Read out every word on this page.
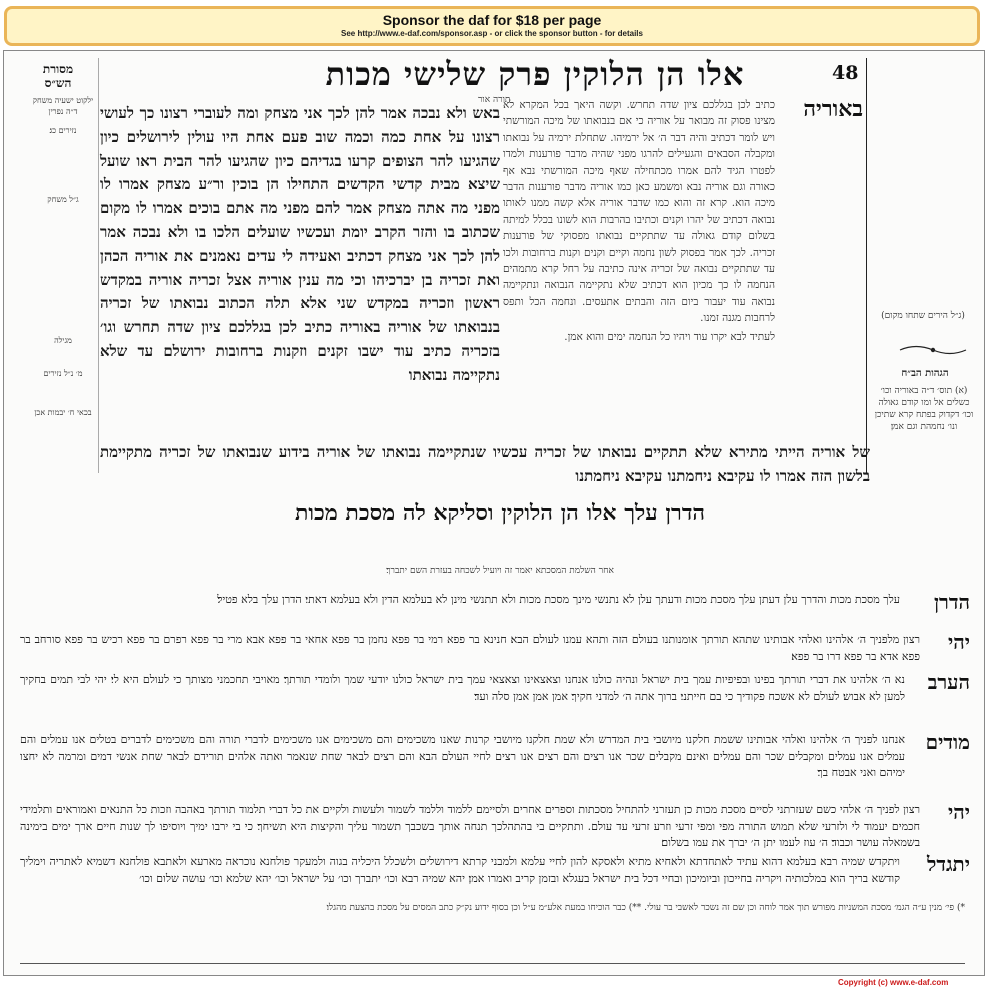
Sponsor the daf for $18 per page
See http://www.e-daf.com/sponsor.asp - or click the sponsor button - for details
48
אלו הן הלוקין פרק שלישי מכות
מסורת הש״ס
תורה אור	באוריה
כתיב לכן בגללכם ציון שדה תחרש. וקשה היאך בכל המקרא לא מצינו פסוק זה מבואר על אוריה כי אם בנבואתו של מיכה המורשתי ויש לומר דכתיב והיה דבר ה׳ אל ירמיהו. שתחלת ירמיה על נבואתו ומקבלה הסבאים והגעילים להרגו מפני שהיה מדבר פורענות ולמדו לפטרו הגיד להם אמרו מכתחילה שאף מיכה המורשתי נבא אף כאורה וגם אוריה נבא ומשמע כאן כמו אוריה מדבר פורענות הדבר מיכה הוא. קרא זה והוא כמו שדבר אוריה אלא קשה ממנו לאותו נבואה דכתיב של יהרו וקנים וכתיבו בהרבות הוא לשונו בכלל למיתה בשלום קודם גאולה עד שתתקיים נבואתו מפסוקי של פורענות זכריה. לכך אמר בפסוק לשון נחמה וקיים וקנים וקנות ברחובות ולכו עד שתתקיים נבואה של זכריה אינה כתיבה על רחל קרא מתמהים הנחמה לו כך מכיון הוא דכתיב שלא נתקיימה הנבואה ונתקיימה נבואה עוד יעבור ביום הזה והבתים אתעסים. ונחמה הכל ותפס לרחבות מגנה זמנו.
לעתיד לבא יקרו עוד ויהיו כל הנחמה ימים והוא אמן.
באש ולא נבכה אמר להן לכך אני מצחק ומה לעוברי רצונו כך לעושי רצונו על אחת כמה וכמה שוב פעם אחת היו עולין לירושלים כיון שהגיעו להר הצופים קרעו בגדיהם כיון שהגיעו להר הבית ראו שועל שיצא מבית קדשי הקדשים התחילו הן בוכין ור״ע מצחק אמרו לו מפני מה אתה מצחק אמר להם מפני מה אתם בוכים אמרו לו מקום שכתוב בו והזר הקרב יומת ועכשיו שועלים הלכו בו ולא נבכה אמר להן לכך אני מצחק דכתיב ואעידה לי עדים נאמנים את אוריה הכהן ואת זכריה בן יברכיהו וכי מה ענין אוריה אצל זכריה אוריה במקדש ראשון וזכריה במקדש שני אלא תלה הכתוב נבואתו של זכריה בנבואתו של אוריה באוריה כתיב לכן בגללכם ציון שדה תחרש וגו׳ בזכריה כתיב עוד ישבו זקנים וזקנות ברחובות ירושלם עד שלא נתקיימה נבואתו
של אוריה הייתי מתירא שלא תתקיים נבואתו של זכריה עכשיו שנתקיימה נבואתו של אוריה בידוע שנבואתו של זכריה מתקיימת בלשון הזה אמרו לו עקיבא ניחמתנו עקיבא ניחמתנו
ילקוט ישעיה משחק ד״ה נפרין
נזירים כג׃
ג״ל משחק
מגילה
מ׳ נ״ל נזירים
בכאי ח׳ יבמות אכן
(ג״ל הירים שתחו מקום)
הגהות הב״ח
(א) תוס׳ ד״ה באוריה וכו׳ כשלים אל ומו קודם גאולה וכו׳ דקדוק בפתח קרא שתיכן ונו׳ נחמהת וגם אמן׃
הדרן עלך אלו הן הלוקין וסליקא לה מסכת מכות
אחר השלמת המסכתא יאמר זה ויועיל לשכחה בעזרת השם יתברך׃
הדרן
עלך מסכת מכות והדרך עלן דעתן עלך מסכת מכות ודעתך עלן לא נתנשי מינך מסכת מכות ולא תתנשי מינן לא בעלמא הדין ולא בעלמא דאתי׃ הדרן עלך בלא פטיל׃
יהי
רצון מלפניך ה׳ אלהינו ואלהי אבותינו שתהא תורתך אומנותנו בעולם הזה ותהא עמנו לעולם הבא׃ חנינא בר פפא רמי בר פפא נחמן בר פפא אחאי בר פפא אבא מרי בר פפא רפרם בר פפא רכיש בר פפא סורחב בר פפא אדא בר פפא דרו בר פפא׃
הערב
נא ה׳ אלהינו את דברי תורתך בפינו ובפיפיות עמך בית ישראל ונהיה כולנו אנחנו וצאצאינו וצאצאי עמך בית ישראל כולנו יודעי שמך ולומדי תורתך׃ מאויבי תחכמני מצותך כי לעולם היא לי׃ יהי לבי תמים בחקיך למען לא אבוש׃ לעולם לא אשכח פקודיך כי בם חייתני׃ ברוך אתה ה׳ למדני חקיך׃ אמן אמן אמן סלה ועד׃
מודים
אנחנו לפניך ה׳ אלהינו ואלהי אבותינו ששמת חלקנו מיושבי בית המדרש ולא שמת חלקנו מיושבי קרנות שאנו משכימים והם משכימים אנו משכימים לדברי תורה והם משכימים לדברים בטלים אנו עמלים והם עמלים אנו עמלים ומקבלים שכר והם עמלים ואינם מקבלים שכר אנו רצים והם רצים אנו רצים לחיי העולם הבא והם רצים לבאר שחת שנאמר ואתה אלהים תורידם לבאר שחת אנשי דמים ומרמה לא יחצו ימיהם ואני אבטח בך׃
יהי
רצון לפניך ה׳ אלהי כשם שעזרתני לסיים מסכת מכות כן תעזרני להתחיל מסכתות וספרים אחרים ולסיימם ללמוד וללמד לשמור ולעשות ולקיים את כל דברי תלמוד תורתך באהבה וזכות כל התנאים ואמוראים ותלמידי חכמים יעמוד לי ולזרעי שלא תמוש התורה מפי ומפי זרעי וזרע זרעי עד עולם. ותתקיים בי בהתהלכך תנחה אותך בשכבך תשמור עליך והקיצות היא תשיחך׃ כי בי ירבו ימיך ויוסיפו לך שנות חיים׃ ארך ימים בימינה בשמאלה עושר וכבוד׃ ה׳ עוז לעמו יתן ה׳ יברך את עמו בשלום׃
יתגדל
ויתקדש שמיה רבא בעלמא דהוא עתיד לאתחדתא ולאחיא מתיא ולאסקא להון לחיי עלמא ולמבני קרתא דירושלים ולשכלל היכליה בגוה ולמעקר פולחנא נוכראה מארעא ולאתבא פולחנא דשמיא לאתריה וימליך קודשא בריך הוא במלכותיה ויקריה בחייכון וביומיכון ובחיי דכל בית ישראל בעגלא ובזמן קריב ואמרו אמן׃ יהא שמיה רבא וכו׳ יתברך וכו׳ על ישראל וכו׳ יהא שלמא וכו׳ עושה שלום וכו׳
*) פי׳ מנין ע״ה הגמ׳ מסכת המשניות מפורש תוך אמר לוחה וכן שם זה נשכר לאשבי בר עולי. **) כבר הוכיחו במעת אלע״מ ע״ל וכן בסוף ידוע נק״ק כתב המסים על מסכת בהצעת מהגלו׃
Copyright (c) www.e-daf.com
